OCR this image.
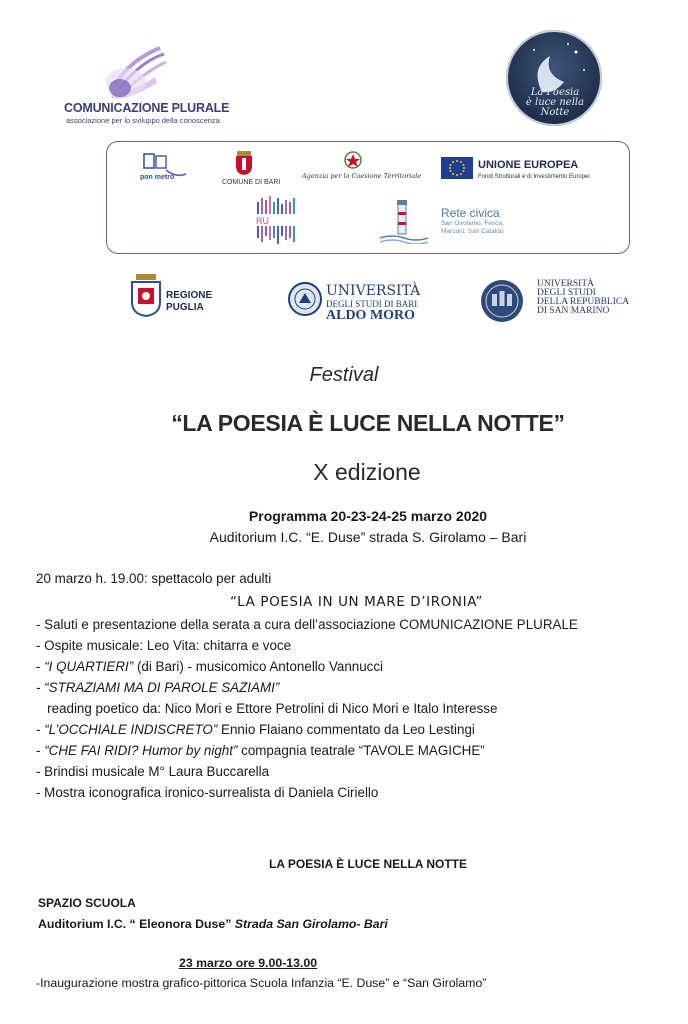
COMUNICAZIONE PLURALE
associazione per lo sviluppo della conoscenza
La Poesia
è luce nella
Notte
pon metro
COMUNE DI BARI
Agenzia per la Coesione Territoriale
UNIONE EUROPEA
Fondi Strutturali e di Investimento Europei
RU
Rete civica
San Girolamo, Fesca,
Marconi, San Cataldo
REGIONE
PUGLIA
UNIVERSITÀ
DEGLI STUDI DI BARI
ALDO MORO
UNIVERSITÀ
DEGLI STUDI
DELLA REPUBBLICA
DI SAN MARINO
Festival
“LA POESIA È LUCE NELLA NOTTE”
X edizione
Programma 20-23-24-25 marzo 2020
Auditorium I.C. “E. Duse” strada S. Girolamo – Bari
20 marzo h. 19.00: spettacolo per adulti
“LA POESIA IN UN MARE D’IRONIA”
- Saluti e presentazione della serata a cura dell’associazione COMUNICAZIONE PLURALE
- Ospite musicale: Leo Vita: chitarra e voce
- “I QUARTIERI” (di Bari) - musicomico Antonello Vannucci
- “STRAZIAMI MA DI PAROLE SAZIAMI”
reading poetico da: Nico Mori e Ettore Petrolini di Nico Mori e Italo Interesse
- “L’OCCHIALE INDISCRETO” Ennio Flaiano commentato da Leo Lestingi
- “CHE FAI RIDI? Humor by night” compagnia teatrale “TAVOLE MAGICHE”
- Brindisi musicale M° Laura Buccarella
- Mostra iconografica ironico-surrealista di Daniela Ciriello
LA POESIA È LUCE NELLA NOTTE
SPAZIO SCUOLA
Auditorium I.C. “ Eleonora Duse” Strada San Girolamo- Bari
23 marzo ore 9.00-13.00
-Inaugurazione mostra grafico-pittorica Scuola Infanzia “E. Duse” e “San Girolamo”
